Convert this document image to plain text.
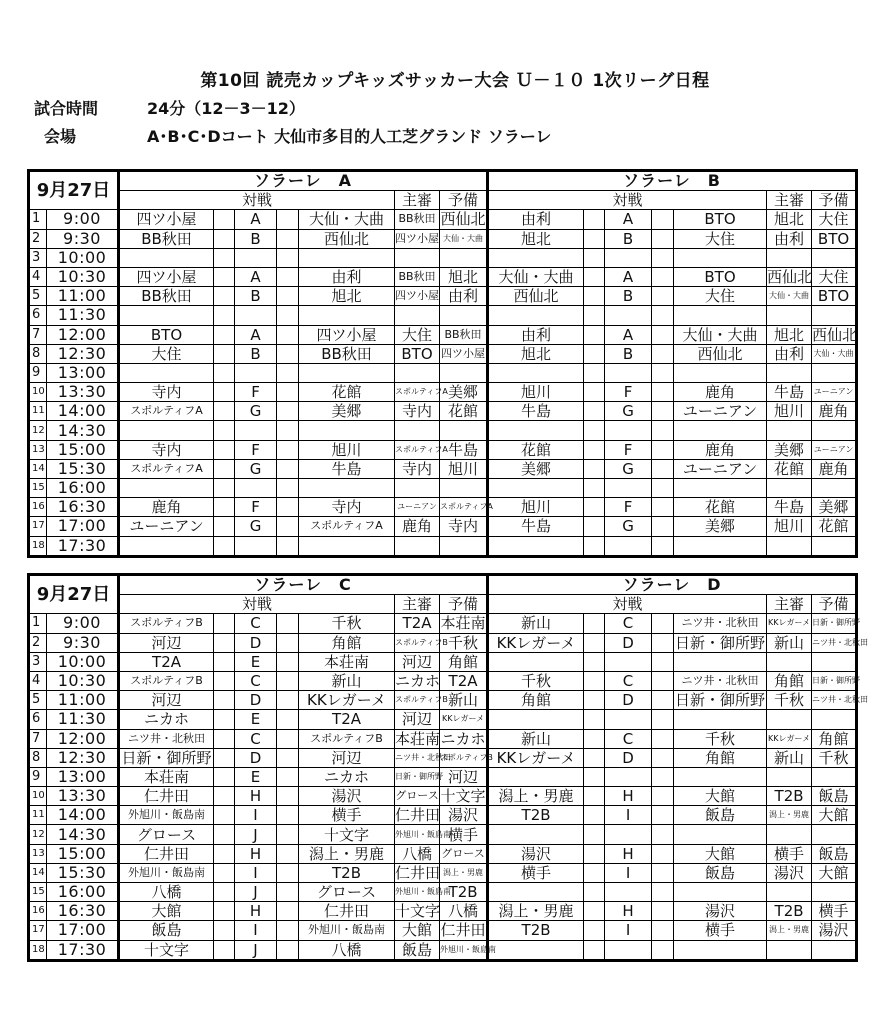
第10回 読売カップキッズサッカー大会 Ｕ－１０ 1次リーグ日程
試合時間	24分（12－3－12）
会場	A･B･C･Dコート 大仙市多目的人工芝グランド ソラーレ
9月27日		ソラーレ　A							ソラーレ　B						
		対戦					主審	予備	対戦					主審	予備
1	9:00	四ツ小屋		A		大仙・大曲	BB秋田	西仙北	由利		A		BTO	旭北	大住
2	9:30	BB秋田		B		西仙北	四ツ小屋	大仙・大曲	旭北		B		大住	由利	BTO
3	10:00														
4	10:30	四ツ小屋		A		由利	BB秋田	旭北	大仙・大曲		A		BTO	西仙北	大住
5	11:00	BB秋田		B		旭北	四ツ小屋	由利	西仙北		B		大住	大仙・大曲	BTO
6	11:30														
7	12:00	BTO		A		四ツ小屋	大住	BB秋田	由利		A		大仙・大曲	旭北	西仙北
8	12:30	大住		B		BB秋田	BTO	四ツ小屋	旭北		B		西仙北	由利	大仙・大曲
9	13:00														
10	13:30	寺内		F		花館	スポルティフA	美郷	旭川		F		鹿角	牛島	ユーニアン
11	14:00	スポルティフA		G		美郷	寺内	花館	牛島		G		ユーニアン	旭川	鹿角
12	14:30														
13	15:00	寺内		F		旭川	スポルティフA	牛島	花館		F		鹿角	美郷	ユーニアン
14	15:30	スポルティフA		G		牛島	寺内	旭川	美郷		G		ユーニアン	花館	鹿角
15	16:00														
16	16:30	鹿角		F		寺内	ユーニアン	スポルティフA	旭川		F		花館	牛島	美郷
17	17:00	ユーニアン		G		スポルティフA	鹿角	寺内	牛島		G		美郷	旭川	花館
18	17:30														
9月27日		ソラーレ　C							ソラーレ　D						
		対戦					主審	予備	対戦					主審	予備
1	9:00	スポルティフB		C		千秋	T2A	本荘南	新山		C		ニツ井・北秋田	KKレガーメ	日新・御所野
2	9:30	河辺		D		角館	スポルティフB	千秋	KKレガーメ		D		日新・御所野	新山	ニツ井・北秋田
3	10:00	T2A		E		本荘南	河辺	角館							
4	10:30	スポルティフB		C		新山	ニカホ	T2A	千秋		C		ニツ井・北秋田	角館	日新・御所野
5	11:00	河辺		D		KKレガーメ	スポルティフB	新山	角館		D		日新・御所野	千秋	ニツ井・北秋田
6	11:30	ニカホ		E		T2A	河辺	KKレガーメ							
7	12:00	ニツ井・北秋田		C		スポルティフB	本荘南	ニカホ	新山		C		千秋	KKレガーメ	角館
8	12:30	日新・御所野		D		河辺	ニツ井・北秋田	スポルティフB	KKレガーメ		D		角館	新山	千秋
9	13:00	本荘南		E		ニカホ	日新・御所野	河辺							
10	13:30	仁井田		H		湯沢	グロース	十文字	潟上・男鹿		H		大館	T2B	飯島
11	14:00	外旭川・飯島南		I		横手	仁井田	湯沢	T2B		I		飯島	潟上・男鹿	大館
12	14:30	グロース		J		十文字	外旭川・飯島南	横手							
13	15:00	仁井田		H		潟上・男鹿	八橋	グロース	湯沢		H		大館	横手	飯島
14	15:30	外旭川・飯島南		I		T2B	仁井田	潟上・男鹿	横手		I		飯島	湯沢	大館
15	16:00	八橋		J		グロース	外旭川・飯島南	T2B							
16	16:30	大館		H		仁井田	十文字	八橋	潟上・男鹿		H		湯沢	T2B	横手
17	17:00	飯島		I		外旭川・飯島南	大館	仁井田	T2B		I		横手	潟上・男鹿	湯沢
18	17:30	十文字		J		八橋	飯島	外旭川・飯島南							
